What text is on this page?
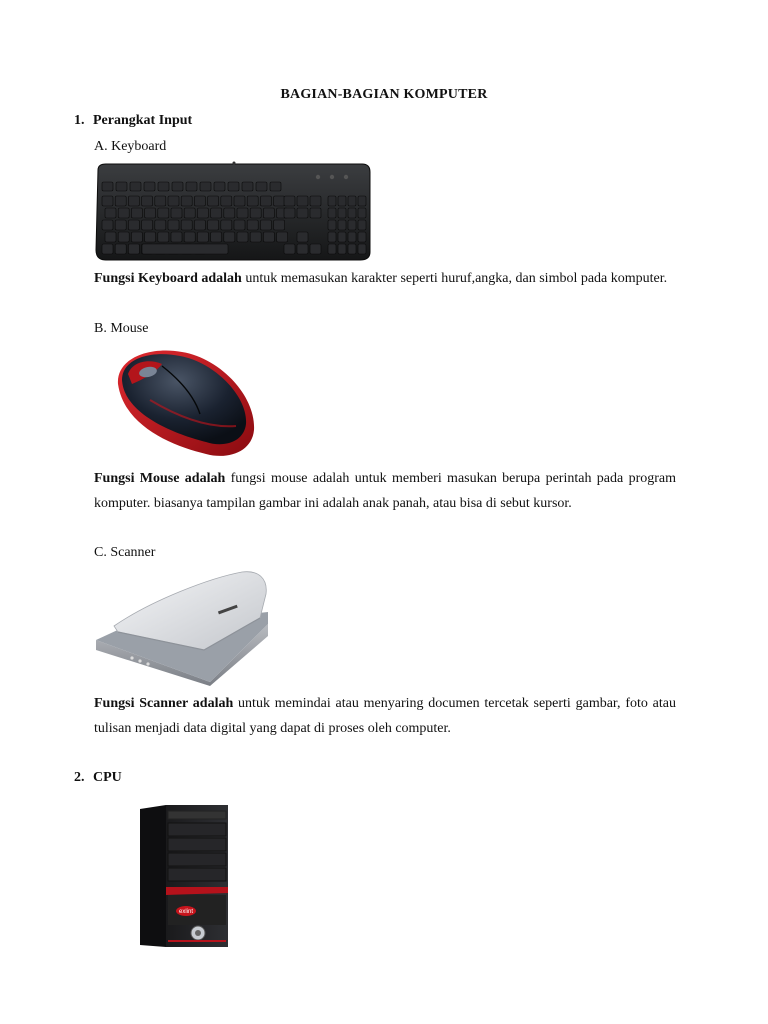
BAGIAN-BAGIAN KOMPUTER
1. Perangkat Input
A. Keyboard
Fungsi Keyboard adalah untuk memasukan karakter seperti huruf,angka, dan simbol pada komputer.
B. Mouse
Fungsi Mouse adalah fungsi mouse adalah untuk memberi masukan berupa perintah pada program komputer. biasanya tampilan gambar ini adalah anak panah, atau bisa di sebut kursor.
C. Scanner
Fungsi Scanner adalah untuk memindai atau menyaring documen tercetak seperti gambar, foto atau tulisan menjadi data digital yang dapat di proses oleh computer.
2. CPU
exlint
